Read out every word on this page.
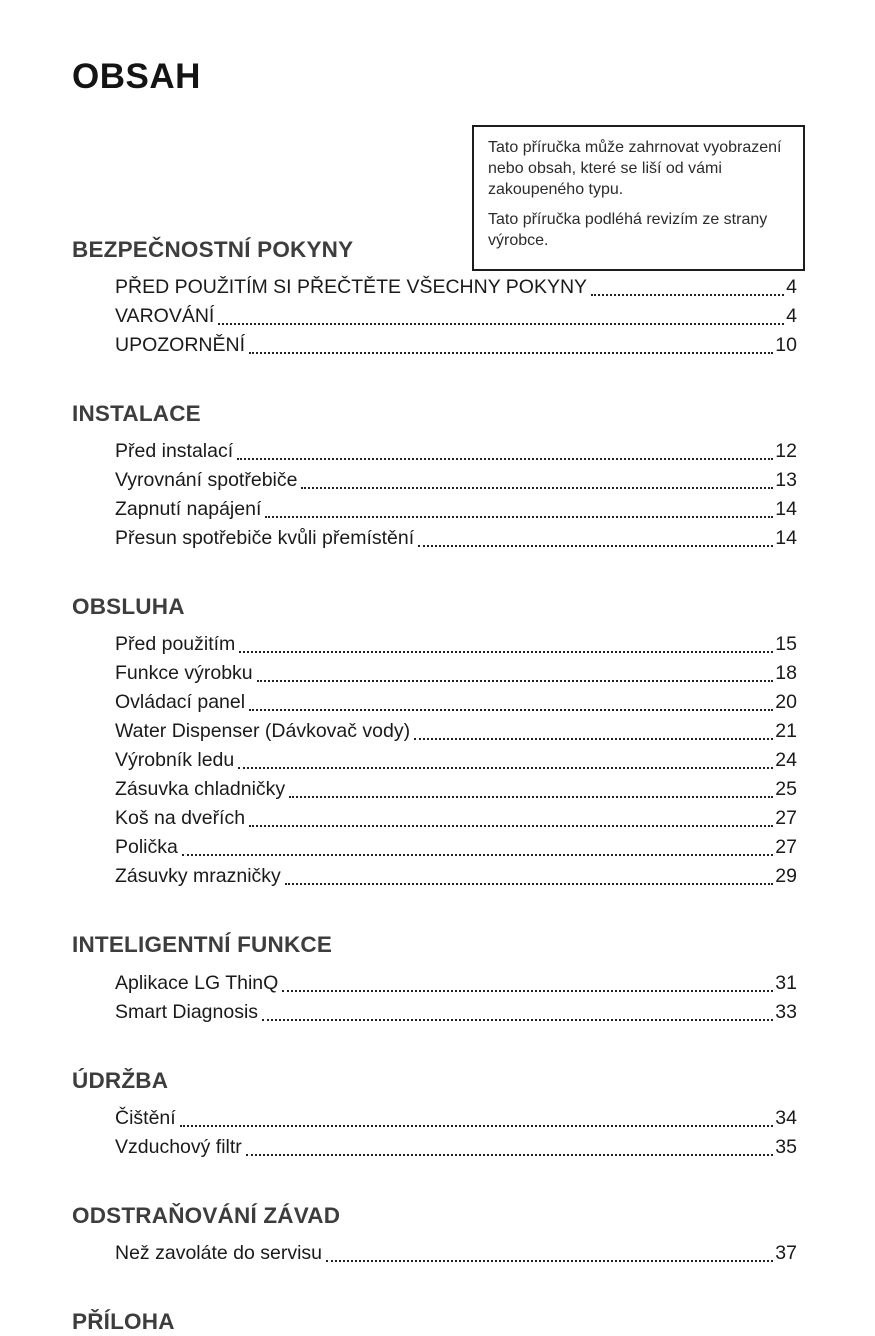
Tato příručka může zahrnovat vyobrazení nebo obsah, které se liší od vámi zakoupeného typu.

Tato příručka podléhá revizím ze strany výrobce.

OBSAH
BEZPEČNOSTNÍ POKYNY
PŘED POUŽITÍM SI PŘEČTĚTE VŠECHNY POKYNY	4
VAROVÁNÍ	4
UPOZORNĚNÍ	10
INSTALACE
Před instalací	12
Vyrovnání spotřebiče	13
Zapnutí napájení	14
Přesun spotřebiče kvůli přemístění	14
OBSLUHA
Před použitím	15
Funkce výrobku	18
Ovládací panel	20
Water Dispenser (Dávkovač vody)	21
Výrobník ledu	24
Zásuvka chladničky	25
Koš na dveřích	27
Polička	27
Zásuvky mrazničky	29
INTELIGENTNÍ FUNKCE
Aplikace LG ThinQ	31
Smart Diagnosis	33
ÚDRŽBA
Čištění	34
Vzduchový filtr	35
ODSTRAŇOVÁNÍ ZÁVAD
Než zavoláte do servisu	37
PŘÍLOHA
